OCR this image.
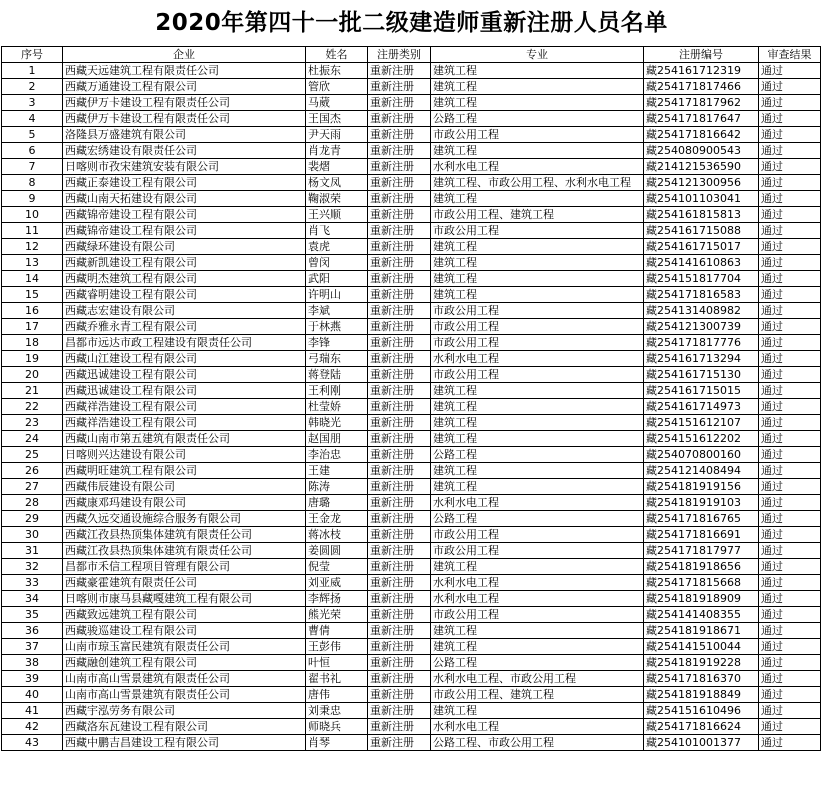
2020年第四十一批二级建造师重新注册人员名单
序号	企业	姓名	注册类别	专业	注册编号	审查结果
1	西藏天远建筑工程有限责任公司	杜振东	重新注册	建筑工程	藏254161712319	通过
2	西藏万通建设工程有限公司	管欣	重新注册	建筑工程	藏254171817466	通过
3	西藏伊万卡建设工程有限责任公司	马葳	重新注册	建筑工程	藏254171817962	通过
4	西藏伊万卡建设工程有限责任公司	王国杰	重新注册	公路工程	藏254171817647	通过
5	洛隆县万盛建筑有限公司	尹天雨	重新注册	市政公用工程	藏254171816642	通过
6	西藏宏绣建设有限责任公司	肖龙青	重新注册	建筑工程	藏254080900543	通过
7	日喀则市孜宋建筑安装有限公司	裴熠	重新注册	水利水电工程	藏214121536590	通过
8	西藏正泰建设工程有限公司	杨文凤	重新注册	建筑工程、市政公用工程、水利水电工程	藏254121300956	通过
9	西藏山南天拓建设有限公司	鞠淑荣	重新注册	建筑工程	藏254101103041	通过
10	西藏锦帝建设工程有限公司	王兴顺	重新注册	市政公用工程、建筑工程	藏254161815813	通过
11	西藏锦帝建设工程有限公司	肖飞	重新注册	市政公用工程	藏254161715088	通过
12	西藏绿环建设有限公司	袁虎	重新注册	建筑工程	藏254161715017	通过
13	西藏新凯建设工程有限公司	曾闵	重新注册	建筑工程	藏254141610863	通过
14	西藏明杰建筑工程有限公司	武阳	重新注册	建筑工程	藏254151817704	通过
15	西藏睿明建设工程有限公司	许明山	重新注册	建筑工程	藏254171816583	通过
16	西藏志宏建设有限公司	李斌	重新注册	市政公用工程	藏254131408982	通过
17	西藏乔雅永青工程有限公司	于林燕	重新注册	市政公用工程	藏254121300739	通过
18	昌都市远达市政工程建设有限责任公司	李锋	重新注册	市政公用工程	藏254171817776	通过
19	西藏山江建设工程有限公司	弓瑞东	重新注册	水利水电工程	藏254161713294	通过
20	西藏迅诚建设工程有限公司	蒋登陆	重新注册	市政公用工程	藏254161715130	通过
21	西藏迅诚建设工程有限公司	王利刚	重新注册	建筑工程	藏254161715015	通过
22	西藏祥浩建设工程有限公司	杜莹娇	重新注册	建筑工程	藏254161714973	通过
23	西藏祥浩建设工程有限公司	韩晓光	重新注册	建筑工程	藏254151612107	通过
24	西藏山南市第五建筑有限责任公司	赵国朋	重新注册	建筑工程	藏254151612202	通过
25	日喀则兴达建设有限公司	李治忠	重新注册	公路工程	藏254070800160	通过
26	西藏明旺建筑工程有限公司	王建	重新注册	建筑工程	藏254121408494	通过
27	西藏伟辰建设有限公司	陈涛	重新注册	建筑工程	藏254181919156	通过
28	西藏康邓玛建设有限公司	唐璐	重新注册	水利水电工程	藏254181919103	通过
29	西藏久远交通设施综合服务有限公司	王金龙	重新注册	公路工程	藏254171816765	通过
30	西藏江孜县热顶集体建筑有限责任公司	蒋冰枝	重新注册	市政公用工程	藏254171816691	通过
31	西藏江孜县热顶集体建筑有限责任公司	姜圆圆	重新注册	市政公用工程	藏254171817977	通过
32	昌都市禾信工程项目管理有限公司	倪莹	重新注册	建筑工程	藏254181918656	通过
33	西藏豪霍建筑有限责任公司	刘亚威	重新注册	水利水电工程	藏254171815668	通过
34	日喀则市康马县藏嘎建筑工程有限公司	李辉扬	重新注册	水利水电工程	藏254181918909	通过
35	西藏致远建筑工程有限公司	熊光荣	重新注册	市政公用工程	藏254141408355	通过
36	西藏骏巡建设工程有限公司	曹倩	重新注册	建筑工程	藏254181918671	通过
37	山南市琼玉富民建筑有限责任公司	王彭伟	重新注册	建筑工程	藏254141510044	通过
38	西藏融创建筑工程有限公司	叶恒	重新注册	公路工程	藏254181919228	通过
39	山南市高山雪景建筑有限责任公司	翟书礼	重新注册	水利水电工程、市政公用工程	藏254171816370	通过
40	山南市高山雪景建筑有限责任公司	唐伟	重新注册	市政公用工程、建筑工程	藏254181918849	通过
41	西藏宇泓劳务有限公司	刘秉忠	重新注册	建筑工程	藏254151610496	通过
42	西藏洛东瓦建设工程有限公司	师晓兵	重新注册	水利水电工程	藏254171816624	通过
43	西藏中鹏吉昌建设工程有限公司	肖琴	重新注册	公路工程、市政公用工程	藏254101001377	通过
